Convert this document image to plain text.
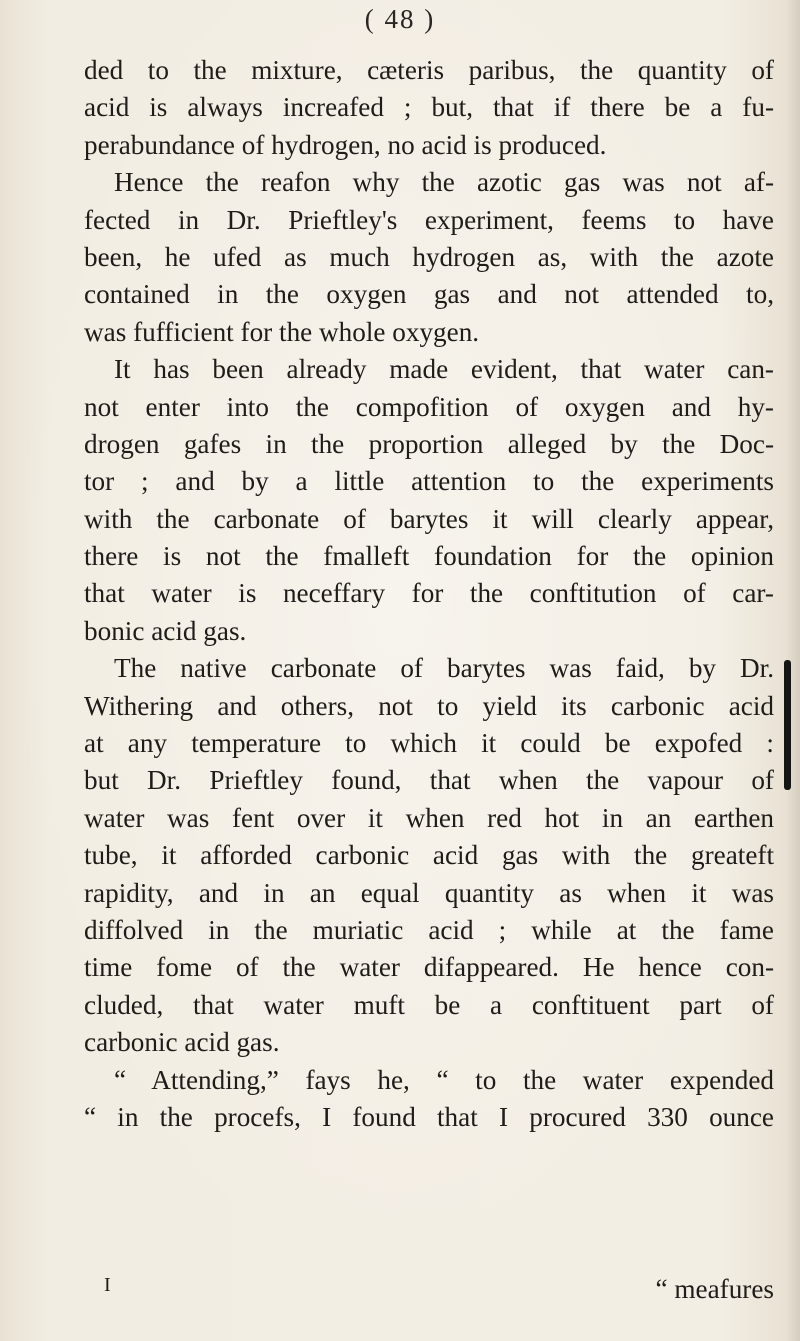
( 48 )
ded to the mixture, cæteris paribus, the quantity of
acid is always increafed ; but, that if there be a fu-
perabundance of hydrogen, no acid is produced.
Hence the reafon why the azotic gas was not af-
fected in Dr. Prieftley's experiment, feems to have
been, he ufed as much hydrogen as, with the azote
contained in the oxygen gas and not attended to,
was fufficient for the whole oxygen.
It has been already made evident, that water can-
not enter into the compofition of oxygen and hy-
drogen gafes in the proportion alleged by the Doc-
tor ; and by a little attention to the experiments
with the carbonate of barytes it will clearly appear,
there is not the fmalleft foundation for the opinion
that water is neceffary for the conftitution of car-
bonic acid gas.
The native carbonate of barytes was faid, by Dr.
Withering and others, not to yield its carbonic acid
at any temperature to which it could be expofed :
but Dr. Prieftley found, that when the vapour of
water was fent over it when red hot in an earthen
tube, it afforded carbonic acid gas with the greateft
rapidity, and in an equal quantity as when it was
diffolved in the muriatic acid ; while at the fame
time fome of the water difappeared. He hence con-
cluded, that water muft be a conftituent part of
carbonic acid gas.
“ Attending,” fays he, “ to the water expended
“ in the procefs, I found that I procured 330 ounce
I	“ meafures
